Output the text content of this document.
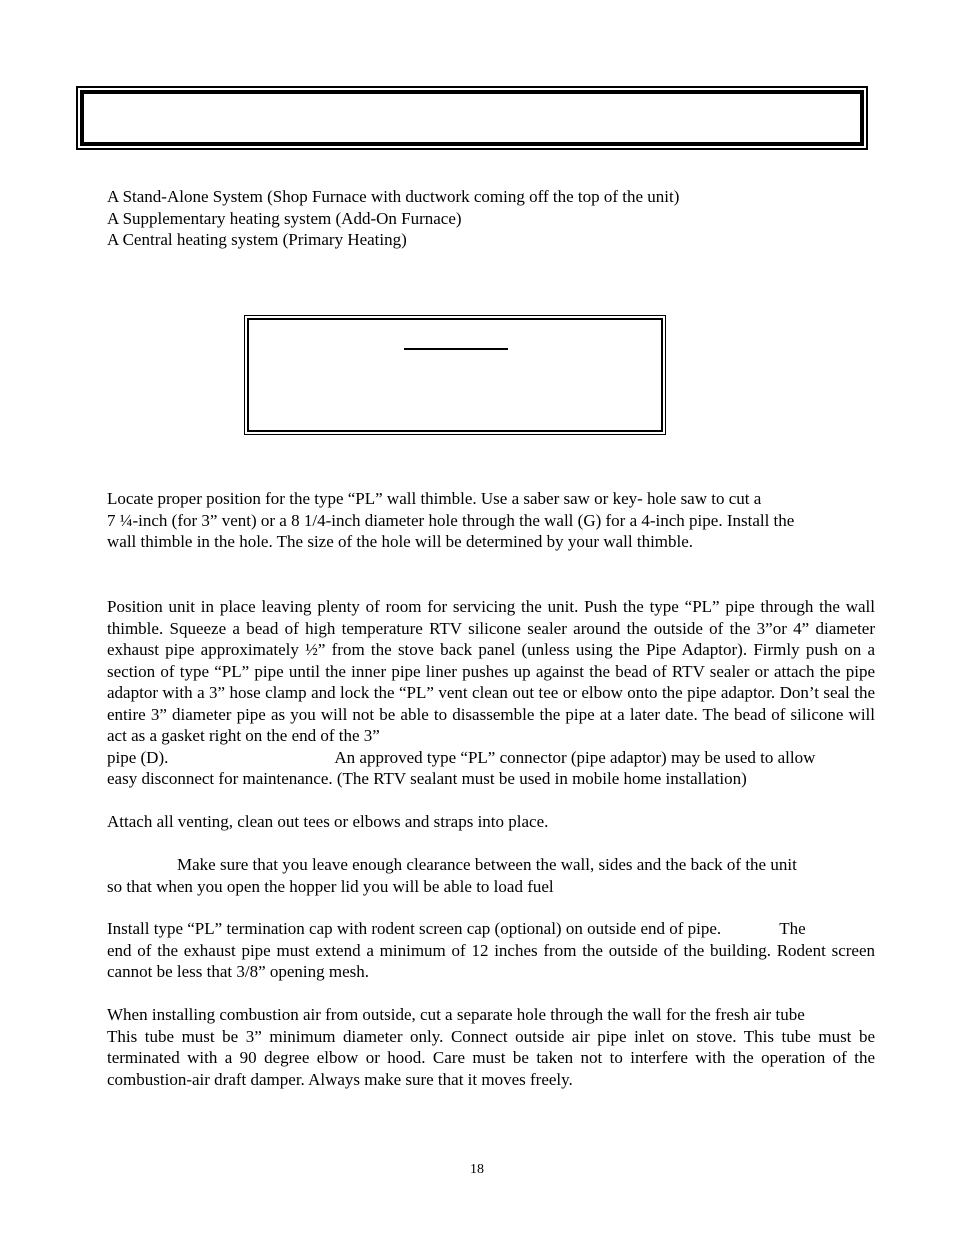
A Stand-Alone System (Shop Furnace with ductwork coming off the top of the unit)
A Supplementary heating system (Add-On Furnace)
A Central heating system (Primary Heating)
Locate proper position for the type “PL” wall thimble. Use a saber saw or key- hole saw to cut a
7 ¼-inch (for 3” vent) or a 8 1/4-inch diameter hole through the wall (G) for a 4-inch pipe. Install the
wall thimble in the hole. The size of the hole will be determined by your wall thimble.
Position unit in place leaving plenty of room for servicing the unit. Push the type “PL” pipe through the wall thimble. Squeeze a bead of high temperature RTV silicone sealer around the outside of the 3”or 4” diameter exhaust pipe approximately ½” from the stove back panel (unless using the Pipe Adaptor). Firmly push on a section of type “PL” pipe until the inner pipe liner pushes up against the bead of RTV sealer or attach the pipe adaptor with a 3” hose clamp and lock the “PL” vent clean out tee or elbow onto the pipe adaptor. Don’t seal the entire 3” diameter pipe as you will not be able to disassemble the pipe at a later date. The bead of silicone will act as a gasket right on the end of the 3”
pipe (D).	An approved type “PL” connector (pipe adaptor) may be used to allow
easy disconnect for maintenance. (The RTV sealant must be used in mobile home installation)
Attach all venting, clean out tees or elbows and straps into place.
Make sure that you leave enough clearance between the wall, sides and the back of the unit
so that when you open the hopper lid you will be able to load fuel
Install type “PL” termination cap with rodent screen cap (optional) on outside end of pipe.	The
end of the exhaust pipe must extend a minimum of 12 inches from the outside of the building. Rodent screen cannot be less that 3/8” opening mesh.
When installing combustion air from outside, cut a separate hole through the wall for the fresh air tube
This tube must be 3” minimum diameter only. Connect outside air pipe inlet on stove. This tube must be terminated with a 90 degree elbow or hood. Care must be taken not to interfere with the operation of the combustion-air draft damper. Always make sure that it moves freely.
18
